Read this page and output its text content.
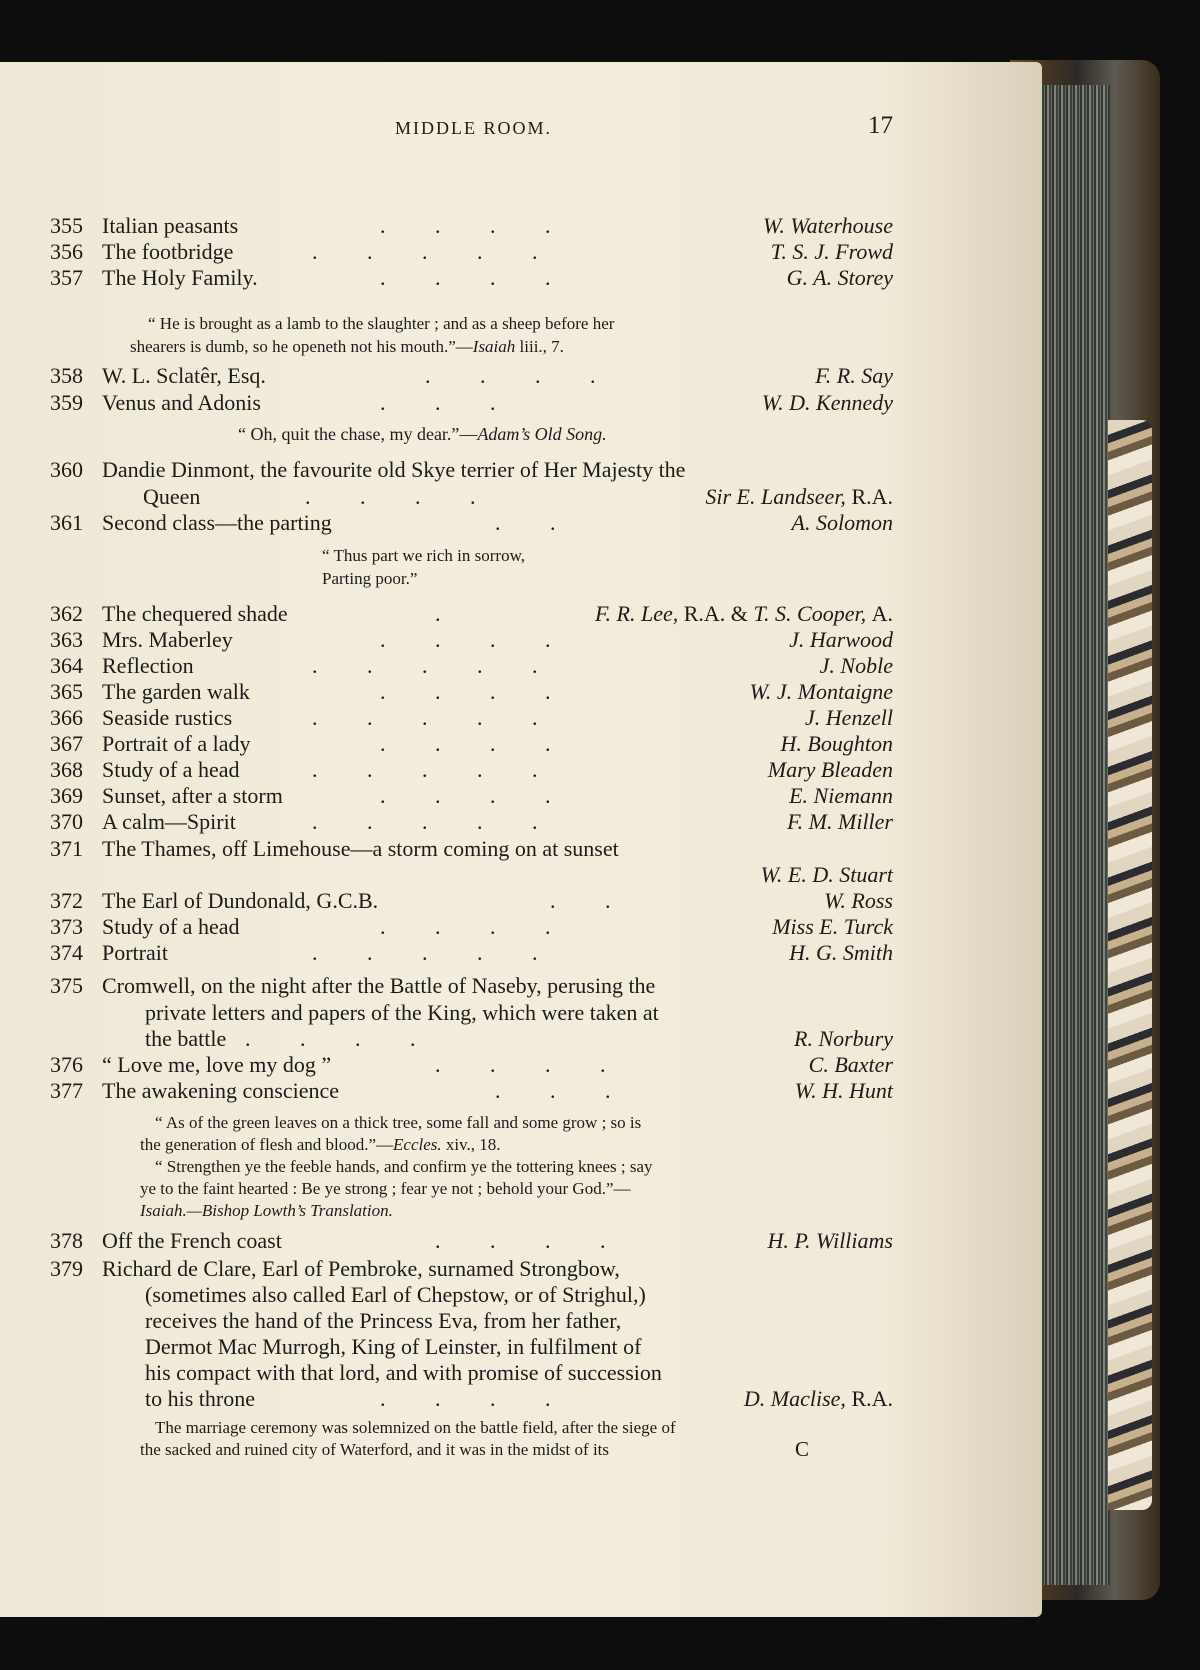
MIDDLE ROOM.	17
355 Italian peasants	. . . .	W. Waterhouse
356 The footbridge	. . . . .	T. S. J. Frowd
357 The Holy Family.	. . . .	G. A. Storey
“ He is brought as a lamb to the slaughter ; and as a sheep before her
shearers is dumb, so he openeth not his mouth.”—Isaiah liii., 7.
358 W. L. Sclatêr, Esq.	. . . .	F. R. Say
359 Venus and Adonis	. . .	W. D. Kennedy
“ Oh, quit the chase, my dear.”—Adam’s Old Song.
360 Dandie Dinmont, the favourite old Skye terrier of Her Majesty the
Queen	. . . .	Sir E. Landseer, R.A.
361 Second class—the parting	. .	A. Solomon
“ Thus part we rich in sorrow,
Parting poor.”
362 The chequered shade	.	F. R. Lee, R.A. & T. S. Cooper, A.
363 Mrs. Maberley	. . . .	J. Harwood
364 Reflection	. . . . .	J. Noble
365 The garden walk	. . . .	W. J. Montaigne
366 Seaside rustics	. . . . .	J. Henzell
367 Portrait of a lady	. . . .	H. Boughton
368 Study of a head	. . . . .	Mary Bleaden
369 Sunset, after a storm	. . . .	E. Niemann
370 A calm—Spirit	. . . . .	F. M. Miller
371 The Thames, off Limehouse—a storm coming on at sunset
W. E. D. Stuart
372 The Earl of Dundonald, G.C.B.	. .	W. Ross
373 Study of a head	. . . .	Miss E. Turck
374 Portrait	. . . . .	H. G. Smith
375 Cromwell, on the night after the Battle of Naseby, perusing the
private letters and papers of the King, which were taken at
the battle . . . .	R. Norbury
376 “ Love me, love my dog ”	. . . .	C. Baxter
377 The awakening conscience	. . .	W. H. Hunt
“ As of the green leaves on a thick tree, some fall and some grow ; so is
the generation of flesh and blood.”—Eccles. xiv., 18.
“ Strengthen ye the feeble hands, and confirm ye the tottering knees ; say
ye to the faint hearted : Be ye strong ; fear ye not ; behold your God.”—
Isaiah.—Bishop Lowth’s Translation.
378 Off the French coast	. . . .	H. P. Williams
379 Richard de Clare, Earl of Pembroke, surnamed Strongbow,
(sometimes also called Earl of Chepstow, or of Strighul,)
receives the hand of the Princess Eva, from her father,
Dermot Mac Murrogh, King of Leinster, in fulfilment of
his compact with that lord, and with promise of succession
to his throne	. . . .	D. Maclise, R.A.
The marriage ceremony was solemnized on the battle field, after the siege of
the sacked and ruined city of Waterford, and it was in the midst of its	C
